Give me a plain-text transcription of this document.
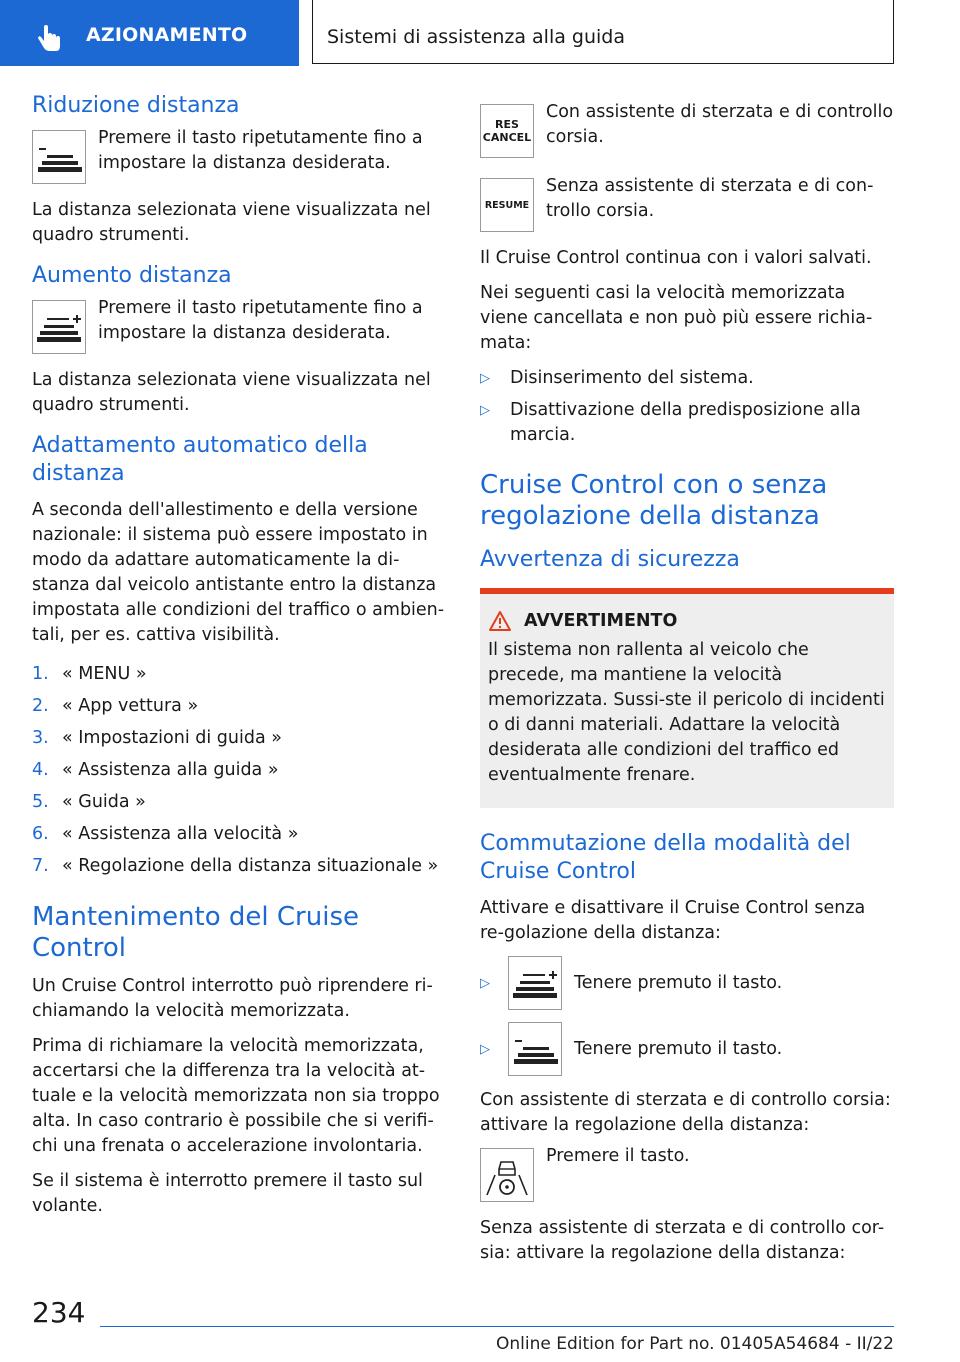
AZIONAMENTO	Sistemi di assistenza alla guida
Riduzione distanza
Premere il tasto ripetutamente fino a impostare la distanza desiderata.

La distanza selezionata viene visualizzata nel quadro strumenti.

Aumento distanza
Premere il tasto ripetutamente fino a impostare la distanza desiderata.

La distanza selezionata viene visualizzata nel quadro strumenti.

Adattamento automatico della distanza

A seconda dell'allestimento e della versione nazionale: il sistema può essere impostato in modo da adattare automaticamente la di-stanza dal veicolo antistante entro la distanza impostata alle condizioni del traffico o ambien-tali, per es. cattiva visibilità.

1. « MENU »
2. « App vettura »
3. « Impostazioni di guida »
4. « Assistenza alla guida »
5. « Guida »
6. « Assistenza alla velocità »
7. « Regolazione della distanza situazionale »
Mantenimento del Cruise Control

Un Cruise Control interrotto può riprendere ri-chiamando la velocità memorizzata.

Prima di richiamare la velocità memorizzata, accertarsi che la differenza tra la velocità at-tuale e la velocità memorizzata non sia troppo alta. In caso contrario è possibile che si verifi-chi una frenata o accelerazione involontaria.

Se il sistema è interrotto premere il tasto sul volante.

RES
CANCEL
Con assistente di sterzata e di controllo corsia.
RESUME
Senza assistente di sterzata e di con-trollo corsia.

Il Cruise Control continua con i valori salvati.

Nei seguenti casi la velocità memorizzata viene cancellata e non può più essere richia-mata:

▷	Disinserimento del sistema.
▷	Disattivazione della predisposizione alla marcia.
Cruise Control con o senza regolazione della distanza
Avvertenza di sicurezza
AVVERTIMENTO

Il sistema non rallenta al veicolo che precede, ma mantiene la velocità memorizzata. Sussi-ste il pericolo di incidenti o di danni materiali. Adattare la velocità desiderata alle condizioni del traffico ed eventualmente frenare.

Commutazione della modalità del Cruise Control

Attivare e disattivare il Cruise Control senza re-golazione della distanza:

▷	Tenere premuto il tasto.
▷	Tenere premuto il tasto.

Con assistente di sterzata e di controllo corsia: attivare la regolazione della distanza:

Premere il tasto.

Senza assistente di sterzata e di controllo cor-sia: attivare la regolazione della distanza:

234
Online Edition for Part no. 01405A54684 - II/22
